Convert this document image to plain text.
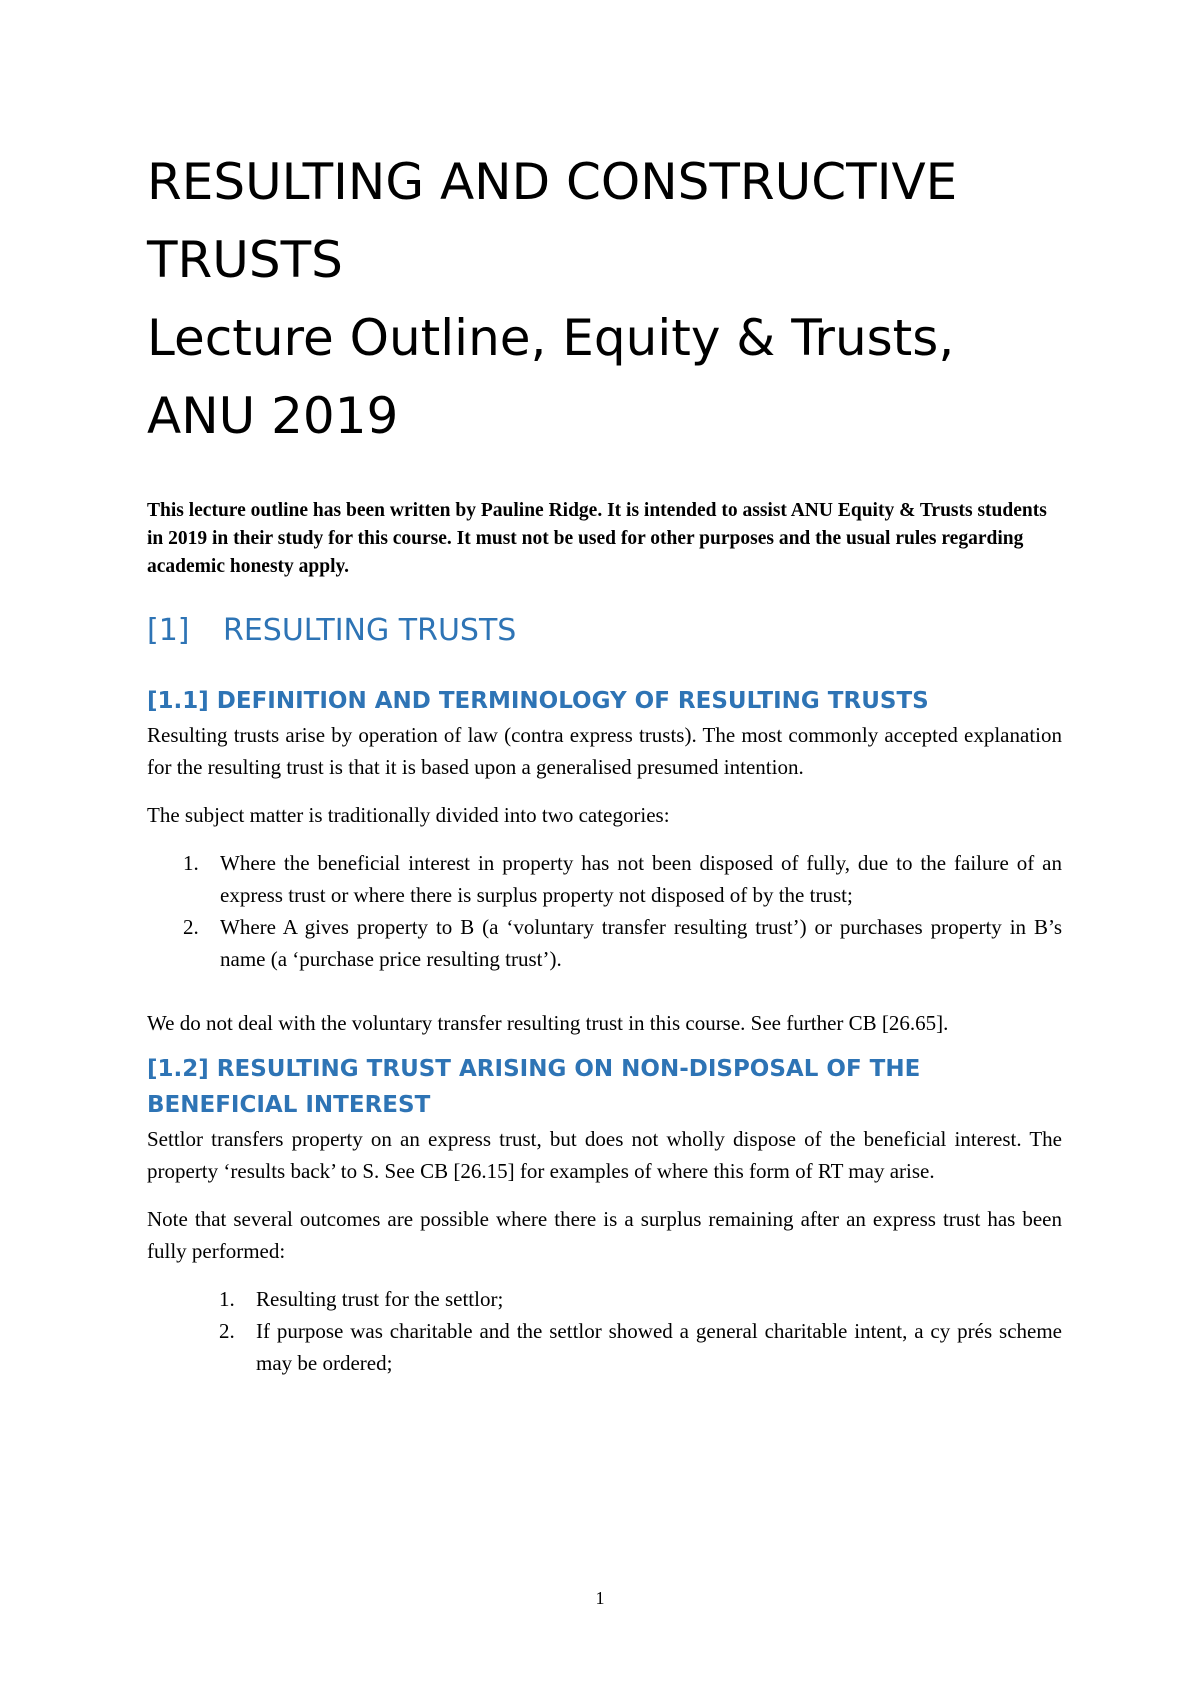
RESULTING AND CONSTRUCTIVE TRUSTS
Lecture Outline, Equity & Trusts, ANU 2019

This lecture outline has been written by Pauline Ridge. It is intended to assist ANU Equity & Trusts students in 2019 in their study for this course. It must not be used for other purposes and the usual rules regarding academic honesty apply.

[1] RESULTING TRUSTS
[1.1] DEFINITION AND TERMINOLOGY OF RESULTING TRUSTS

Resulting trusts arise by operation of law (contra express trusts). The most commonly accepted explanation for the resulting trust is that it is based upon a generalised presumed intention.

The subject matter is traditionally divided into two categories:

1. Where the beneficial interest in property has not been disposed of fully, due to the failure of an express trust or where there is surplus property not disposed of by the trust;
2. Where A gives property to B (a ‘voluntary transfer resulting trust’) or purchases property in B’s name (a ‘purchase price resulting trust’).

We do not deal with the voluntary transfer resulting trust in this course. See further CB [26.65].

[1.2] RESULTING TRUST ARISING ON NON-DISPOSAL OF THE BENEFICIAL INTEREST

Settlor transfers property on an express trust, but does not wholly dispose of the beneficial interest. The property ‘results back’ to S. See CB [26.15] for examples of where this form of RT may arise.

Note that several outcomes are possible where there is a surplus remaining after an express trust has been fully performed:

1. Resulting trust for the settlor;
2. If purpose was charitable and the settlor showed a general charitable intent, a cy prés scheme may be ordered;
1
